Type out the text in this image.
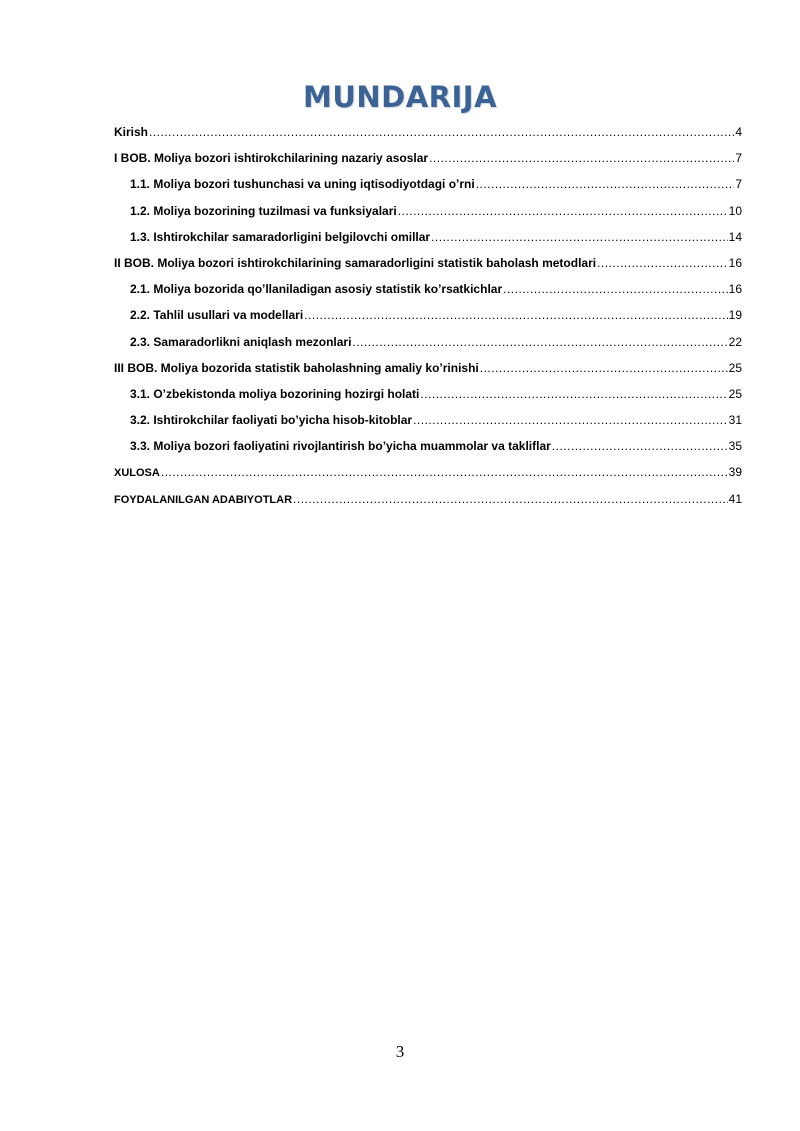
MUNDARIJA
Kirish .....	4
I BOB. Moliya bozori ishtirokchilarining nazariy asoslar .....	7
1.1. Moliya bozori tushunchasi va uning iqtisodiyotdagi o’rni .....	7
1.2. Moliya bozorining tuzilmasi va funksiyalari .....	10
1.3. Ishtirokchilar samaradorligini belgilovchi omillar .....	14
II BOB. Moliya bozori ishtirokchilarining samaradorligini statistik baholash metodlari .....	16
2.1. Moliya bozorida qo’llaniladigan asosiy statistik ko’rsatkichlar .....	16
2.2. Tahlil usullari va modellari .....	19
2.3. Samaradorlikni aniqlash mezonlari .....	22
III BOB. Moliya bozorida statistik baholashning amaliy ko’rinishi .....	25
3.1. O’zbekistonda moliya bozorining hozirgi holati .....	25
3.2. Ishtirokchilar faoliyati bo’yicha hisob-kitoblar .....	31
3.3. Moliya bozori faoliyatini rivojlantirish bo’yicha muammolar va takliflar .....	35
XULOSA .....	39
FOYDALANILGAN ADABIYOTLAR .....	41
3
